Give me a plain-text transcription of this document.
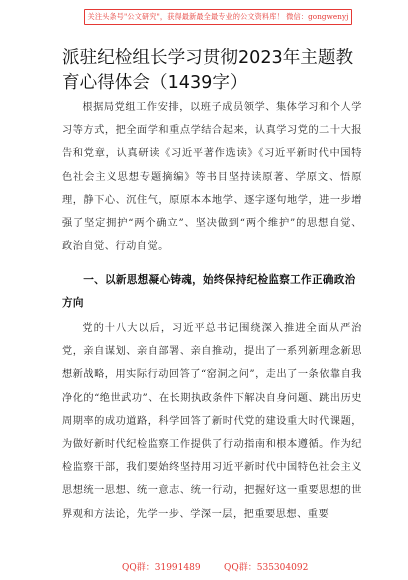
关注头条号"公文研究"，获得最新最全最专业的公文资料库！ 微信：gongwenyj
派驻纪检组长学习贯彻2023年主题教育心得体会（1439字）

根据局党组工作安排，以班子成员领学、集体学习和个人学习等方式，把全面学和重点学结合起来，认真学习党的二十大报告和党章，认真研读《习近平著作选读》《习近平新时代中国特色社会主义思想专题摘编》等书目坚持读原著、学原文、悟原理，静下心、沉住气，原原本本地学、逐字逐句地学，进一步增强了坚定拥护“两个确立”、坚决做到“两个维护”的思想自觉、政治自觉、行动自觉。

一、以新思想凝心铸魂，始终保持纪检监察工作正确政治方向

党的十八大以后，习近平总书记围绕深入推进全面从严治党，亲自谋划、亲自部署、亲自推动，提出了一系列新理念新思想新战略，用实际行动回答了“窑洞之问”，走出了一条依靠自我净化的“绝世武功”、在长期执政条件下解决自身问题、跳出历史周期率的成功道路，科学回答了新时代党的建设重大时代课题，为做好新时代纪检监察工作提供了行动指南和根本遵循。作为纪检监察干部，我们要始终坚持用习近平新时代中国特色社会主义思想统一思想、统一意志、统一行动，把握好这一重要思想的世界观和方法论，先学一步、学深一层，把重要思想、重要

QQ群：31991489	QQ群：535304092
